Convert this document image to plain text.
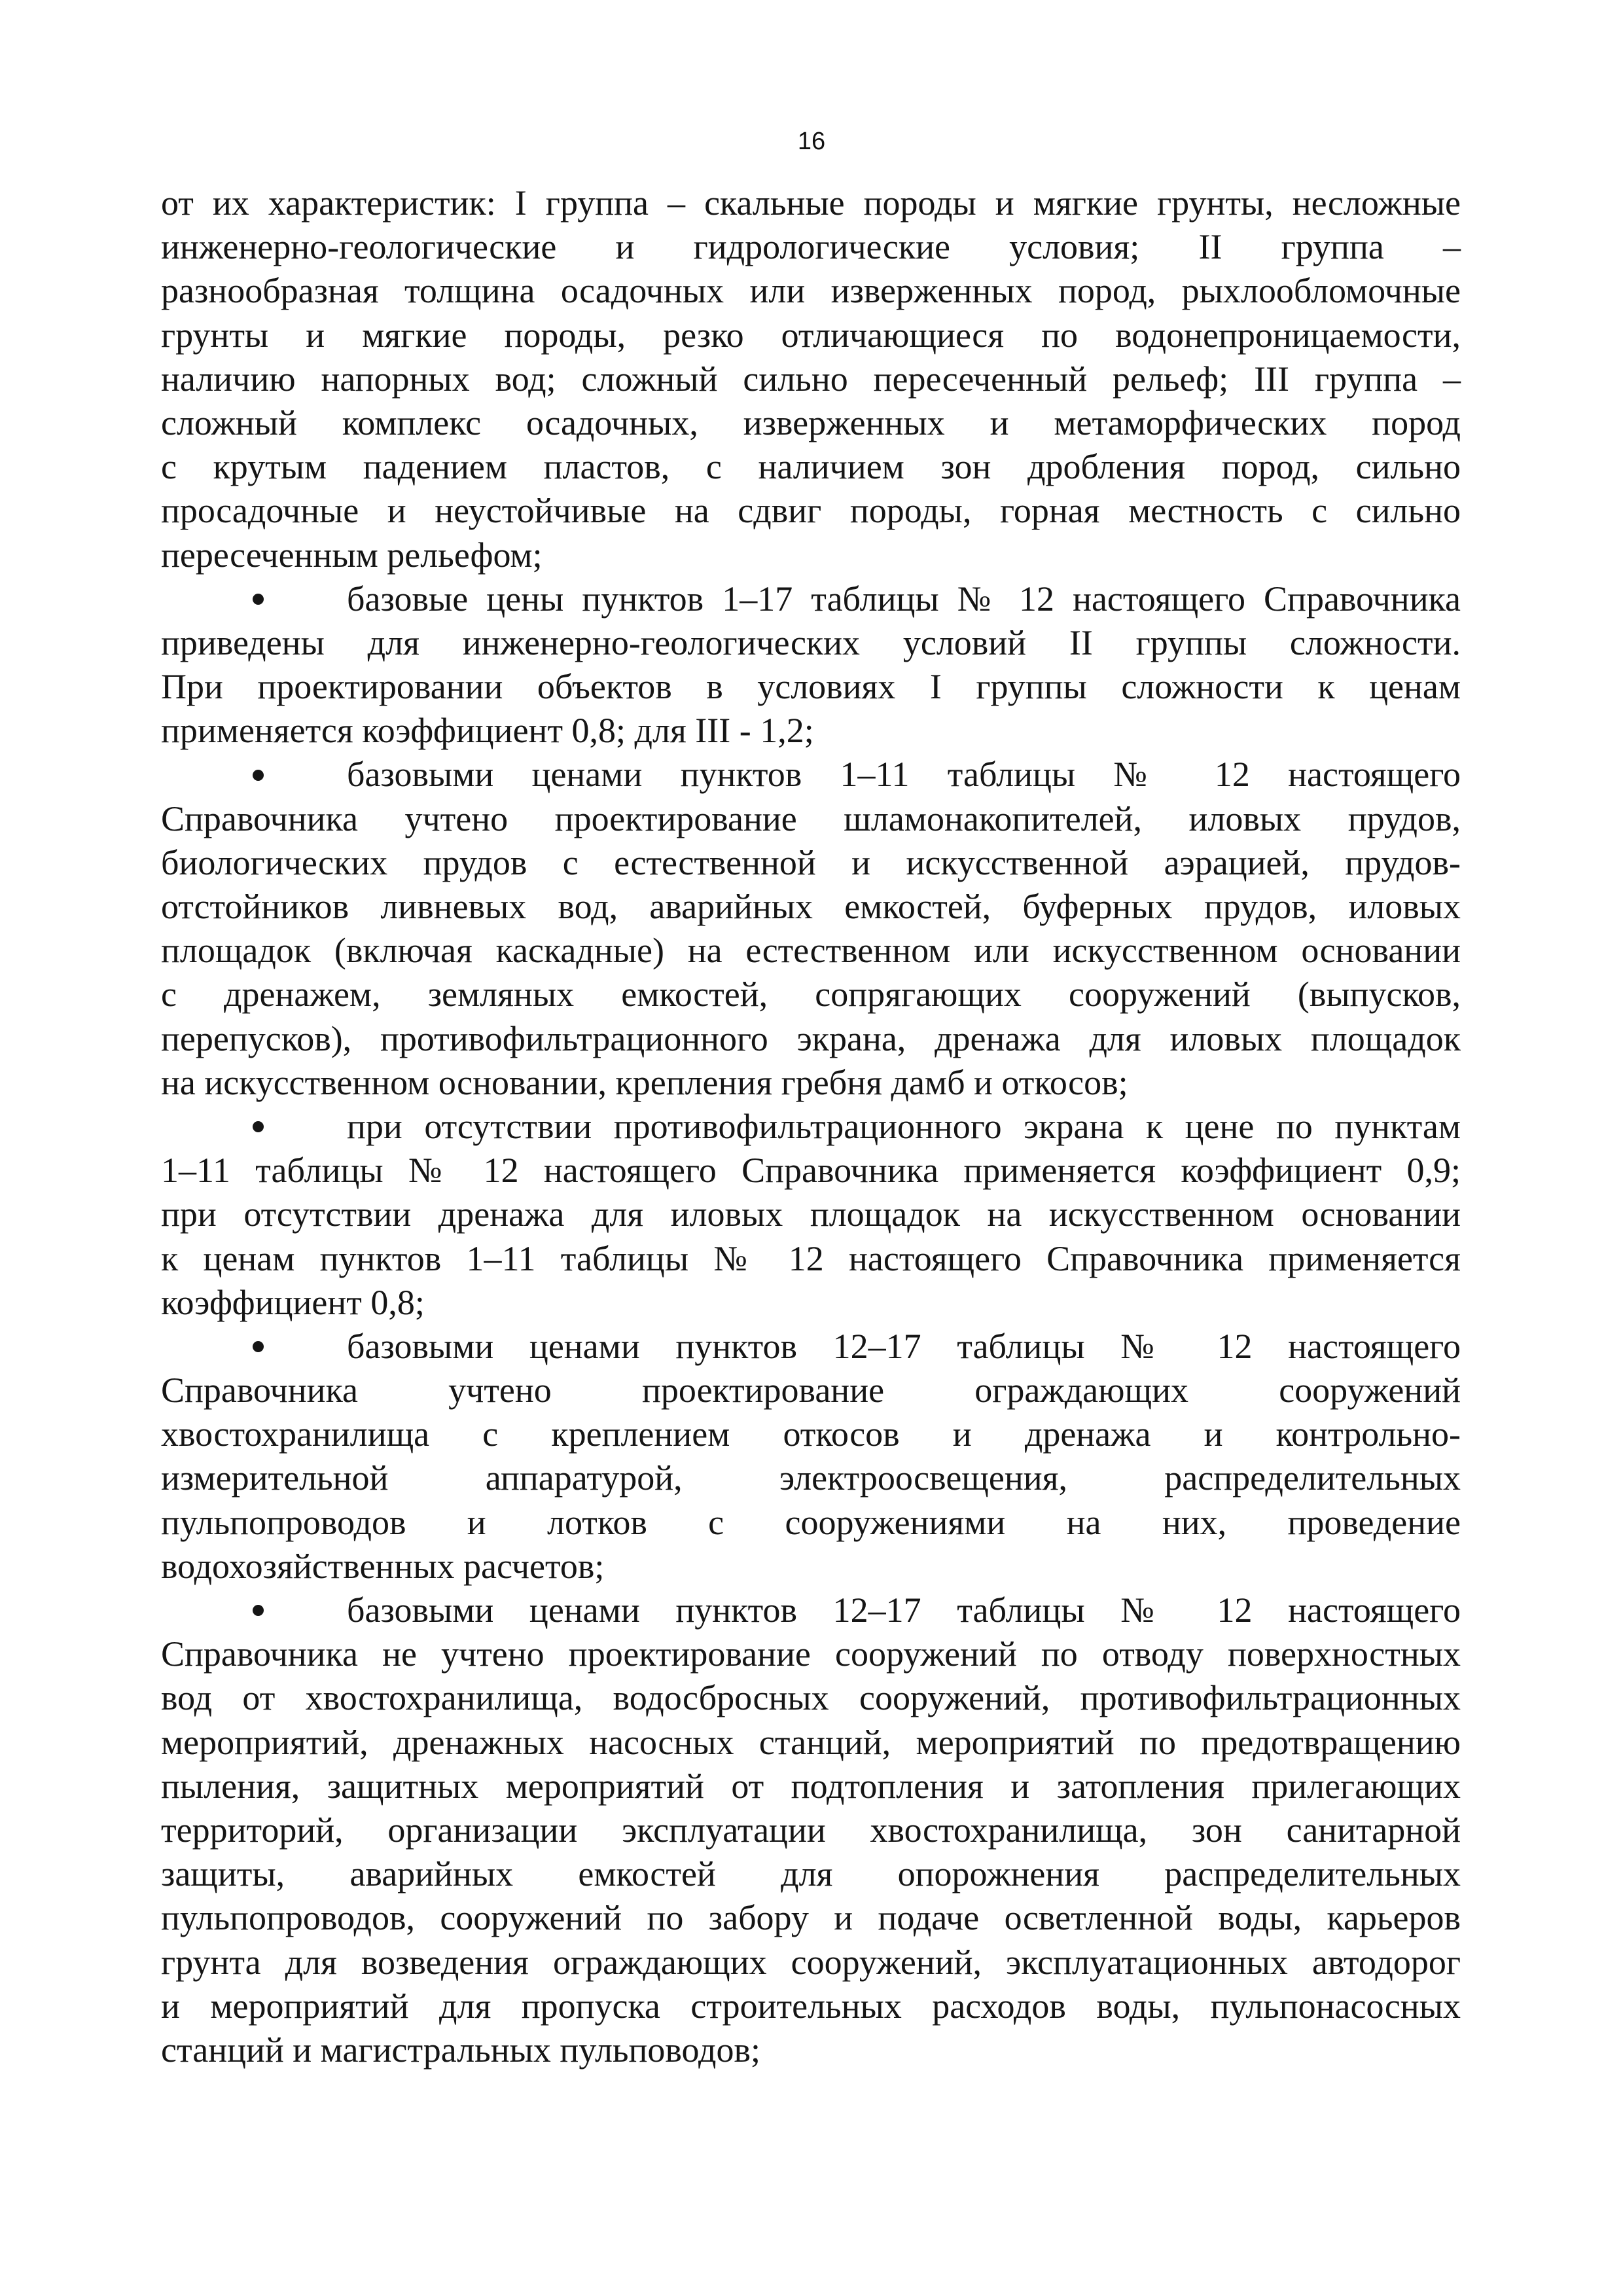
16
от их характеристик: I группа – скальные породы и мягкие грунты, несложные
инженерно-геологические и гидрологические условия; II группа –
разнообразная толщина осадочных или изверженных пород, рыхлообломочные
грунты и мягкие породы, резко отличающиеся по водонепроницаемости,
наличию напорных вод; сложный сильно пересеченный рельеф; III группа –
сложный комплекс осадочных, изверженных и метаморфических пород
с крутым падением пластов, с наличием зон дробления пород, сильно
просадочные и неустойчивые на сдвиг породы, горная местность с сильно
пересеченным рельефом;
базовые цены пунктов 1–17 таблицы № 12 настоящего Справочника
приведены для инженерно-геологических условий II группы сложности.
При проектировании объектов в условиях I группы сложности к ценам
применяется коэффициент 0,8; для III - 1,2;
базовыми ценами пунктов 1–11 таблицы № 12 настоящего
Справочника учтено проектирование шламонакопителей, иловых прудов,
биологических прудов с естественной и искусственной аэрацией, прудов-
отстойников ливневых вод, аварийных емкостей, буферных прудов, иловых
площадок (включая каскадные) на естественном или искусственном основании
с дренажем, земляных емкостей, сопрягающих сооружений (выпусков,
перепусков), противофильтрационного экрана, дренажа для иловых площадок
на искусственном основании, крепления гребня дамб и откосов;
при отсутствии противофильтрационного экрана к цене по пунктам
1–11 таблицы № 12 настоящего Справочника применяется коэффициент 0,9;
при отсутствии дренажа для иловых площадок на искусственном основании
к ценам пунктов 1–11 таблицы № 12 настоящего Справочника применяется
коэффициент 0,8;
базовыми ценами пунктов 12–17 таблицы № 12 настоящего
Справочника учтено проектирование ограждающих сооружений
хвостохранилища с креплением откосов и дренажа и контрольно-
измерительной аппаратурой, электроосвещения, распределительных
пульпопроводов и лотков с сооружениями на них, проведение
водохозяйственных расчетов;
базовыми ценами пунктов 12–17 таблицы № 12 настоящего
Справочника не учтено проектирование сооружений по отводу поверхностных
вод от хвостохранилища, водосбросных сооружений, противофильтрационных
мероприятий, дренажных насосных станций, мероприятий по предотвращению
пыления, защитных мероприятий от подтопления и затопления прилегающих
территорий, организации эксплуатации хвостохранилища, зон санитарной
защиты, аварийных емкостей для опорожнения распределительных
пульпопроводов, сооружений по забору и подаче осветленной воды, карьеров
грунта для возведения ограждающих сооружений, эксплуатационных автодорог
и мероприятий для пропуска строительных расходов воды, пульпонасосных
станций и магистральных пульповодов;
